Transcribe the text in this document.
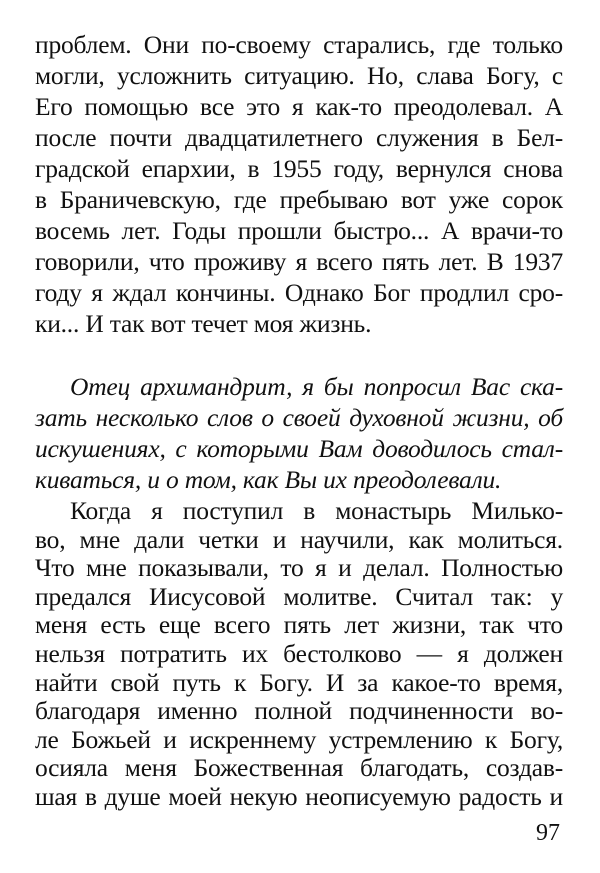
проблем. Они по-своему старались, где только
могли, усложнить ситуацию. Но, слава Богу, с
Его помощью все это я как-то преодолевал. А
после почти двадцатилетнего служения в Бел-
градской епархии, в 1955 году, вернулся снова
в Браничевскую, где пребываю вот уже сорок
восемь лет. Годы прошли быстро... А врачи-то
говорили, что проживу я всего пять лет. В 1937
году я ждал кончины. Однако Бог продлил сро-
ки... И так вот течет моя жизнь.
Отец архимандрит, я бы попросил Вас ска-
зать несколько слов о своей духовной жизни, об
искушениях, с которыми Вам доводилось стал-
киваться, и о том, как Вы их преодолевали.
Когда я поступил в монастырь Милько-
во, мне дали четки и научили, как молиться.
Что мне показывали, то я и делал. Полностью
предался Иисусовой молитве. Считал так: у
меня есть еще всего пять лет жизни, так что
нельзя потратить их бестолково — я должен
найти свой путь к Богу. И за какое-то время,
благодаря именно полной подчиненности во-
ле Божьей и искреннему устремлению к Богу,
осияла меня Божественная благодать, создав-
шая в душе моей некую неописуемую радость и
97
